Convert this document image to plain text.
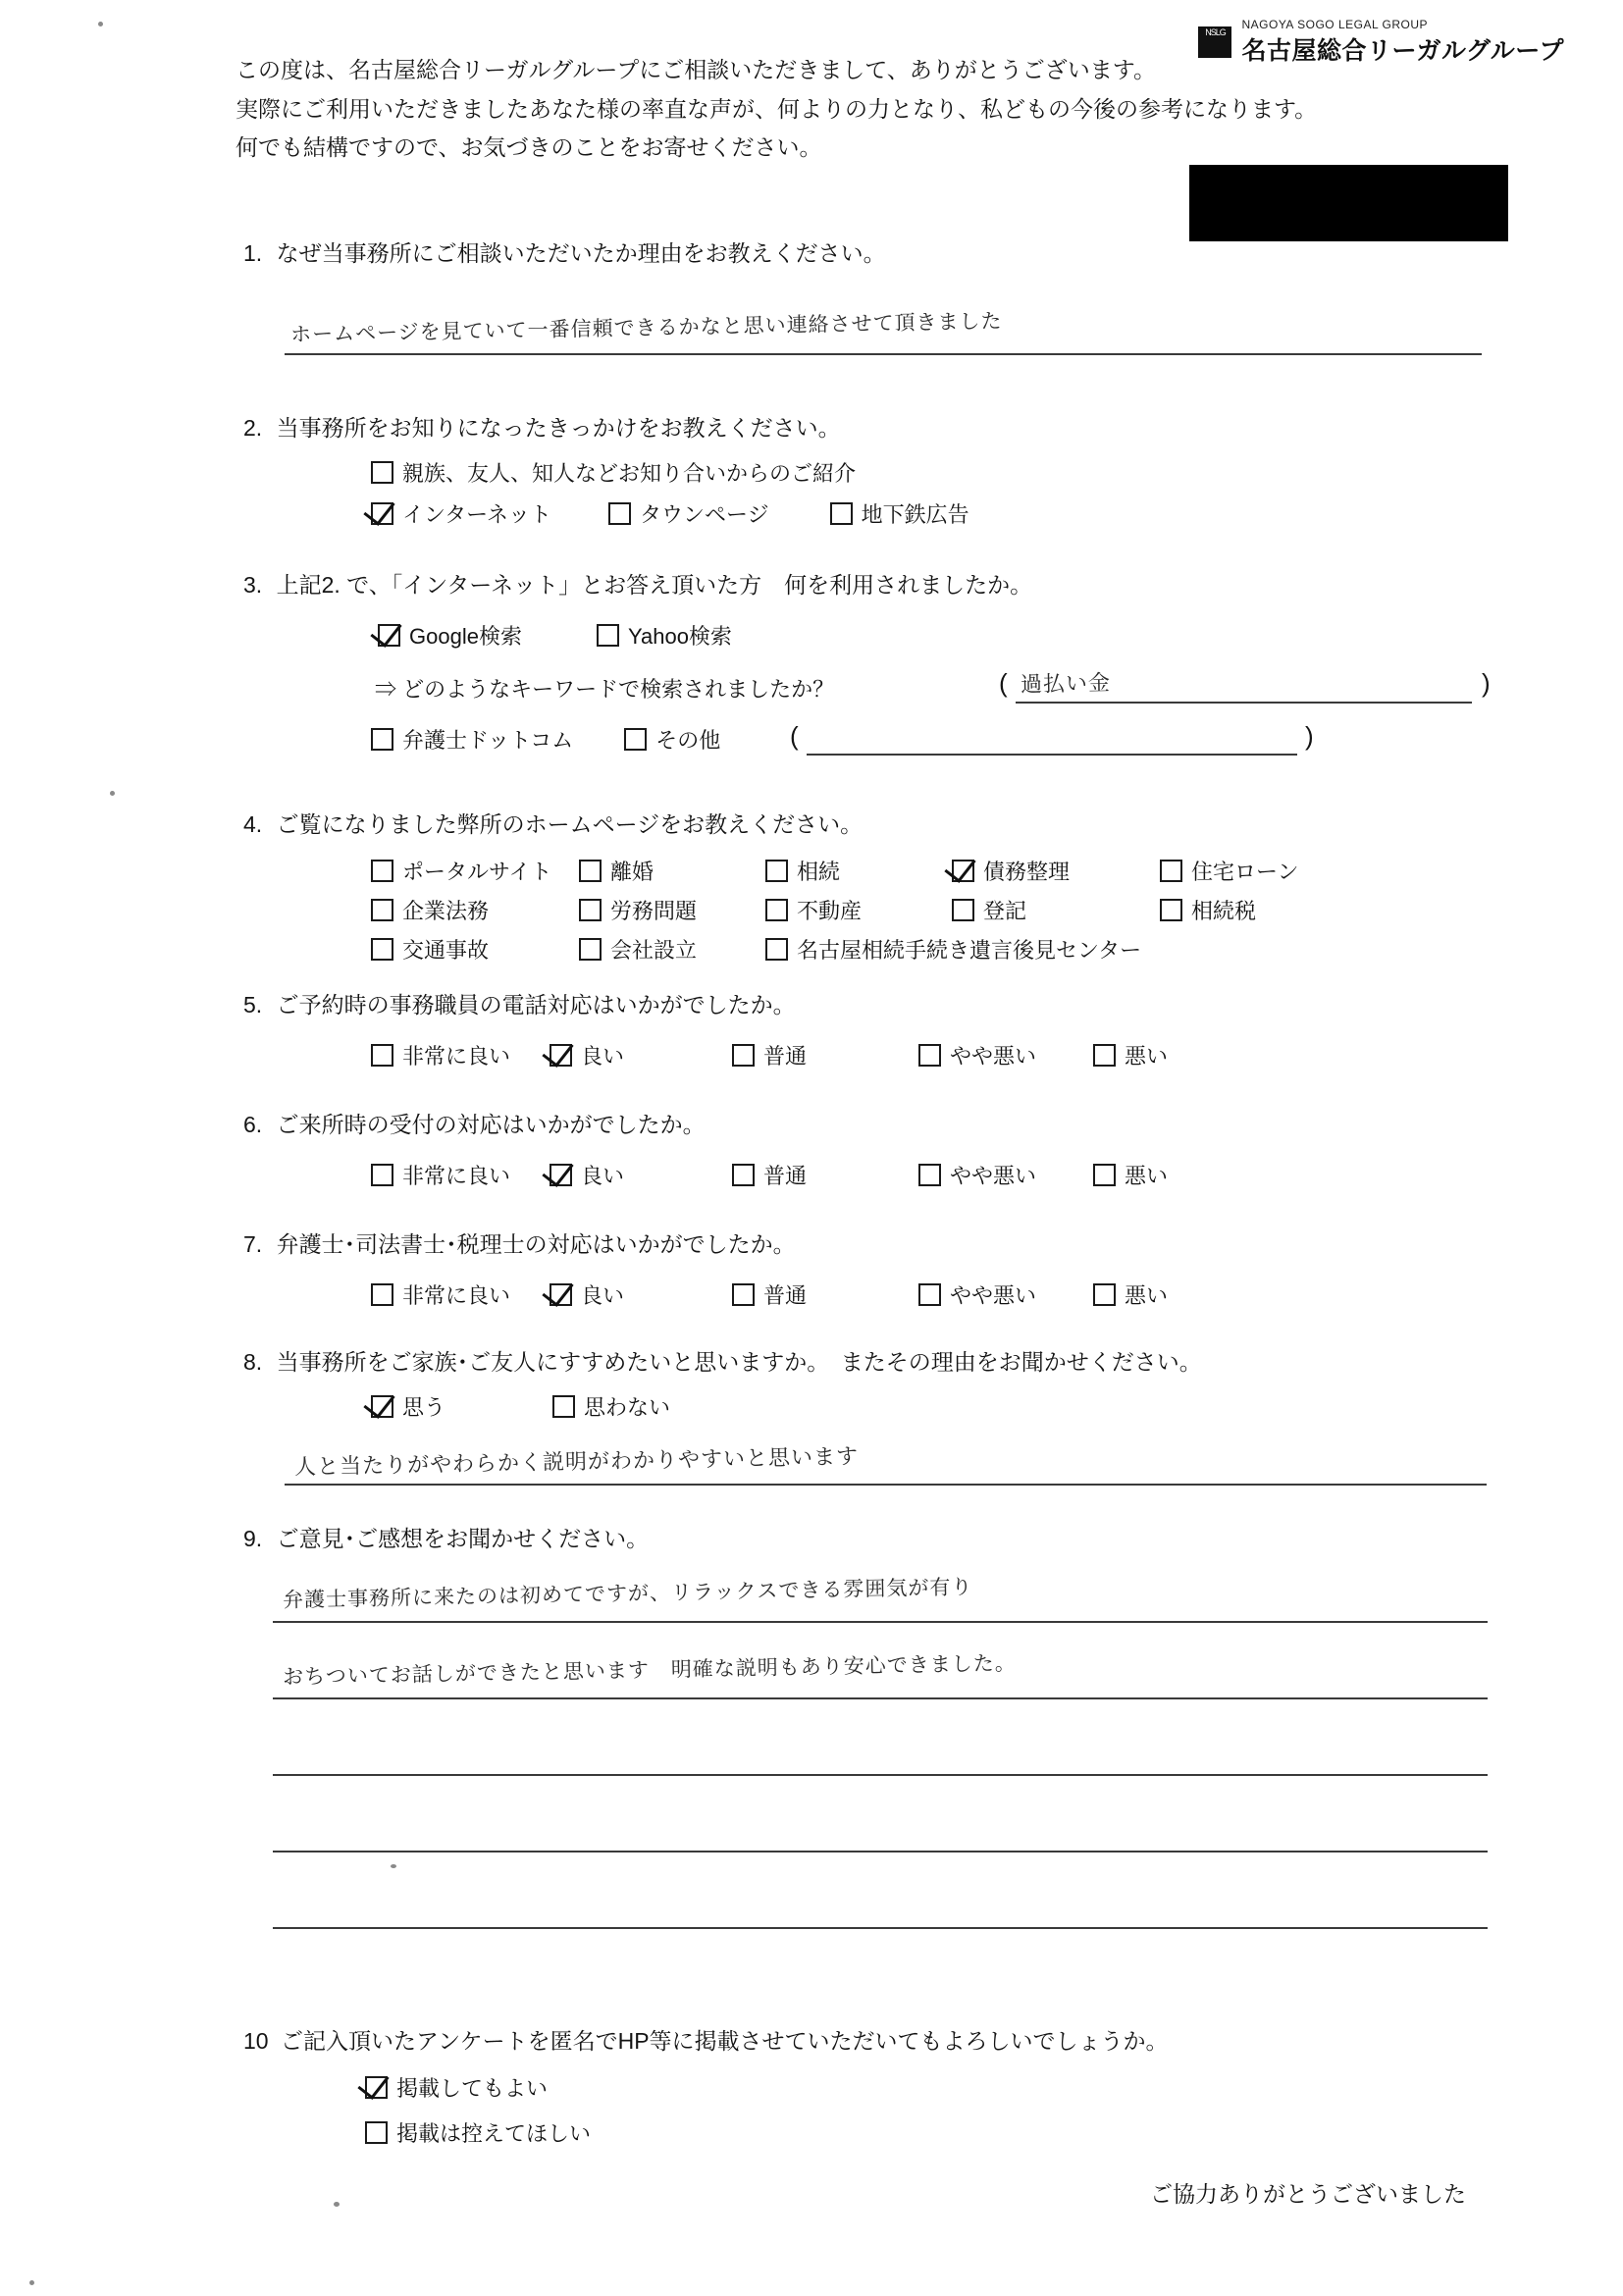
NSLG
NAGOYA SOGO LEGAL GROUP
名古屋総合リーガルグループ
この度は、名古屋総合リーガルグループにご相談いただきまして、ありがとうございます。
実際にご利用いただきましたあなた様の率直な声が、何よりの力となり、私どもの今後の参考になります。
何でも結構ですので、お気づきのことをお寄せください。
1. なぜ当事務所にご相談いただいたか理由をお教えください。
ホームページを見ていて一番信頼できるかなと思い連絡させて頂きました
2. 当事務所をお知りになったきっかけをお教えください。
親族、友人、知人などお知り合いからのご紹介
インターネット	タウンページ	地下鉄広告
3. 上記2. で、「インターネット」とお答え頂いた方　何を利用されましたか。
Google検索	Yahoo検索
⇒ どのようなキーワードで検索されましたか？	(	)
過払い金
弁護士ドットコム	その他	(	)
4. ご覧になりました弊所のホームページをお教えください。
ポータルサイト	離婚	相続	債務整理	住宅ローン
企業法務	労務問題	不動産	登記	相続税
交通事故	会社設立	名古屋相続手続き遺言後見センター
5. ご予約時の事務職員の電話対応はいかがでしたか。
非常に良い	良い	普通	やや悪い	悪い
6. ご来所時の受付の対応はいかがでしたか。
非常に良い	良い	普通	やや悪い	悪い
7. 弁護士･司法書士･税理士の対応はいかがでしたか。
非常に良い	良い	普通	やや悪い	悪い
8. 当事務所をご家族･ご友人にすすめたいと思いますか。　またその理由をお聞かせください。
思う	思わない
人と当たりがやわらかく説明がわかりやすいと思います
9. ご意見･ご感想をお聞かせください。
弁護士事務所に来たのは初めてですが、リラックスできる雰囲気が有り
おちついてお話しができたと思います　明確な説明もあり安心できました。
10 ご記入頂いたアンケートを匿名でHP等に掲載させていただいてもよろしいでしょうか。
掲載してもよい
掲載は控えてほしい
ご協力ありがとうございました
